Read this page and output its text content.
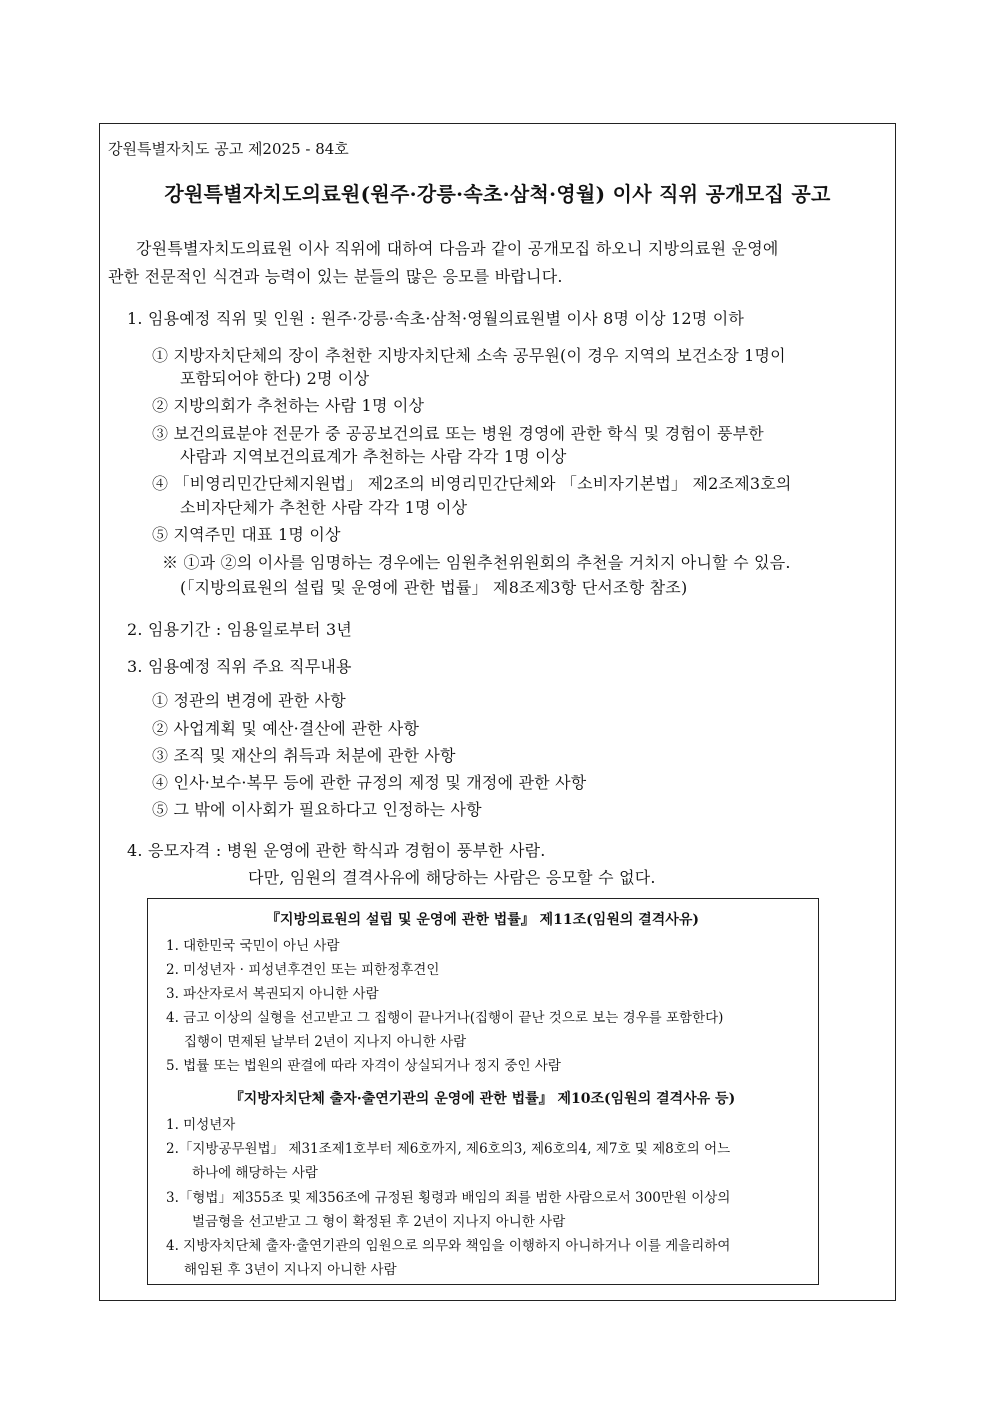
강원특별자치도 공고 제2025 - 84호
강원특별자치도의료원(원주·강릉·속초·삼척·영월) 이사 직위 공개모집 공고
강원특별자치도의료원 이사 직위에 대하여 다음과 같이 공개모집 하오니 지방의료원 운영에
관한 전문적인 식견과 능력이 있는 분들의 많은 응모를 바랍니다.
1. 임용예정 직위 및 인원 : 원주·강릉·속초·삼척·영월의료원별 이사 8명 이상 12명 이하
① 지방자치단체의 장이 추천한 지방자치단체 소속 공무원(이 경우 지역의 보건소장 1명이
포함되어야 한다) 2명 이상
② 지방의회가 추천하는 사람 1명 이상
③ 보건의료분야 전문가 중 공공보건의료 또는 병원 경영에 관한 학식 및 경험이 풍부한
사람과 지역보건의료계가 추천하는 사람 각각 1명 이상
④ 「비영리민간단체지원법」 제2조의 비영리민간단체와 「소비자기본법」 제2조제3호의
소비자단체가 추천한 사람 각각 1명 이상
⑤ 지역주민 대표 1명 이상
※ ①과 ②의 이사를 임명하는 경우에는 임원추천위원회의 추천을 거치지 아니할 수 있음.
(「지방의료원의 설립 및 운영에 관한 법률」 제8조제3항 단서조항 참조)
2. 임용기간 : 임용일로부터 3년
3. 임용예정 직위 주요 직무내용
① 정관의 변경에 관한 사항
② 사업계획 및 예산·결산에 관한 사항
③ 조직 및 재산의 취득과 처분에 관한 사항
④ 인사·보수·복무 등에 관한 규정의 제정 및 개정에 관한 사항
⑤ 그 밖에 이사회가 필요하다고 인정하는 사항
4. 응모자격 : 병원 운영에 관한 학식과 경험이 풍부한 사람.
다만, 임원의 결격사유에 해당하는 사람은 응모할 수 없다.
『지방의료원의 설립 및 운영에 관한 법률』 제11조(임원의 결격사유)
1. 대한민국 국민이 아닌 사람
2. 미성년자 · 피성년후견인 또는 피한정후견인
3. 파산자로서 복권되지 아니한 사람
4. 금고 이상의 실형을 선고받고 그 집행이 끝나거나(집행이 끝난 것으로 보는 경우를 포함한다)
집행이 면제된 날부터 2년이 지나지 아니한 사람
5. 법률 또는 법원의 판결에 따라 자격이 상실되거나 정지 중인 사람
『지방자치단체 출자·출연기관의 운영에 관한 법률』 제10조(임원의 결격사유 등)
1. 미성년자
2.「지방공무원법」 제31조제1호부터 제6호까지, 제6호의3, 제6호의4, 제7호 및 제8호의 어느
하나에 해당하는 사람
3.「형법」제355조 및 제356조에 규정된 횡령과 배임의 죄를 범한 사람으로서 300만원 이상의
벌금형을 선고받고 그 형이 확정된 후 2년이 지나지 아니한 사람
4. 지방자치단체 출자·출연기관의 임원으로 의무와 책임을 이행하지 아니하거나 이를 게을리하여
해임된 후 3년이 지나지 아니한 사람
